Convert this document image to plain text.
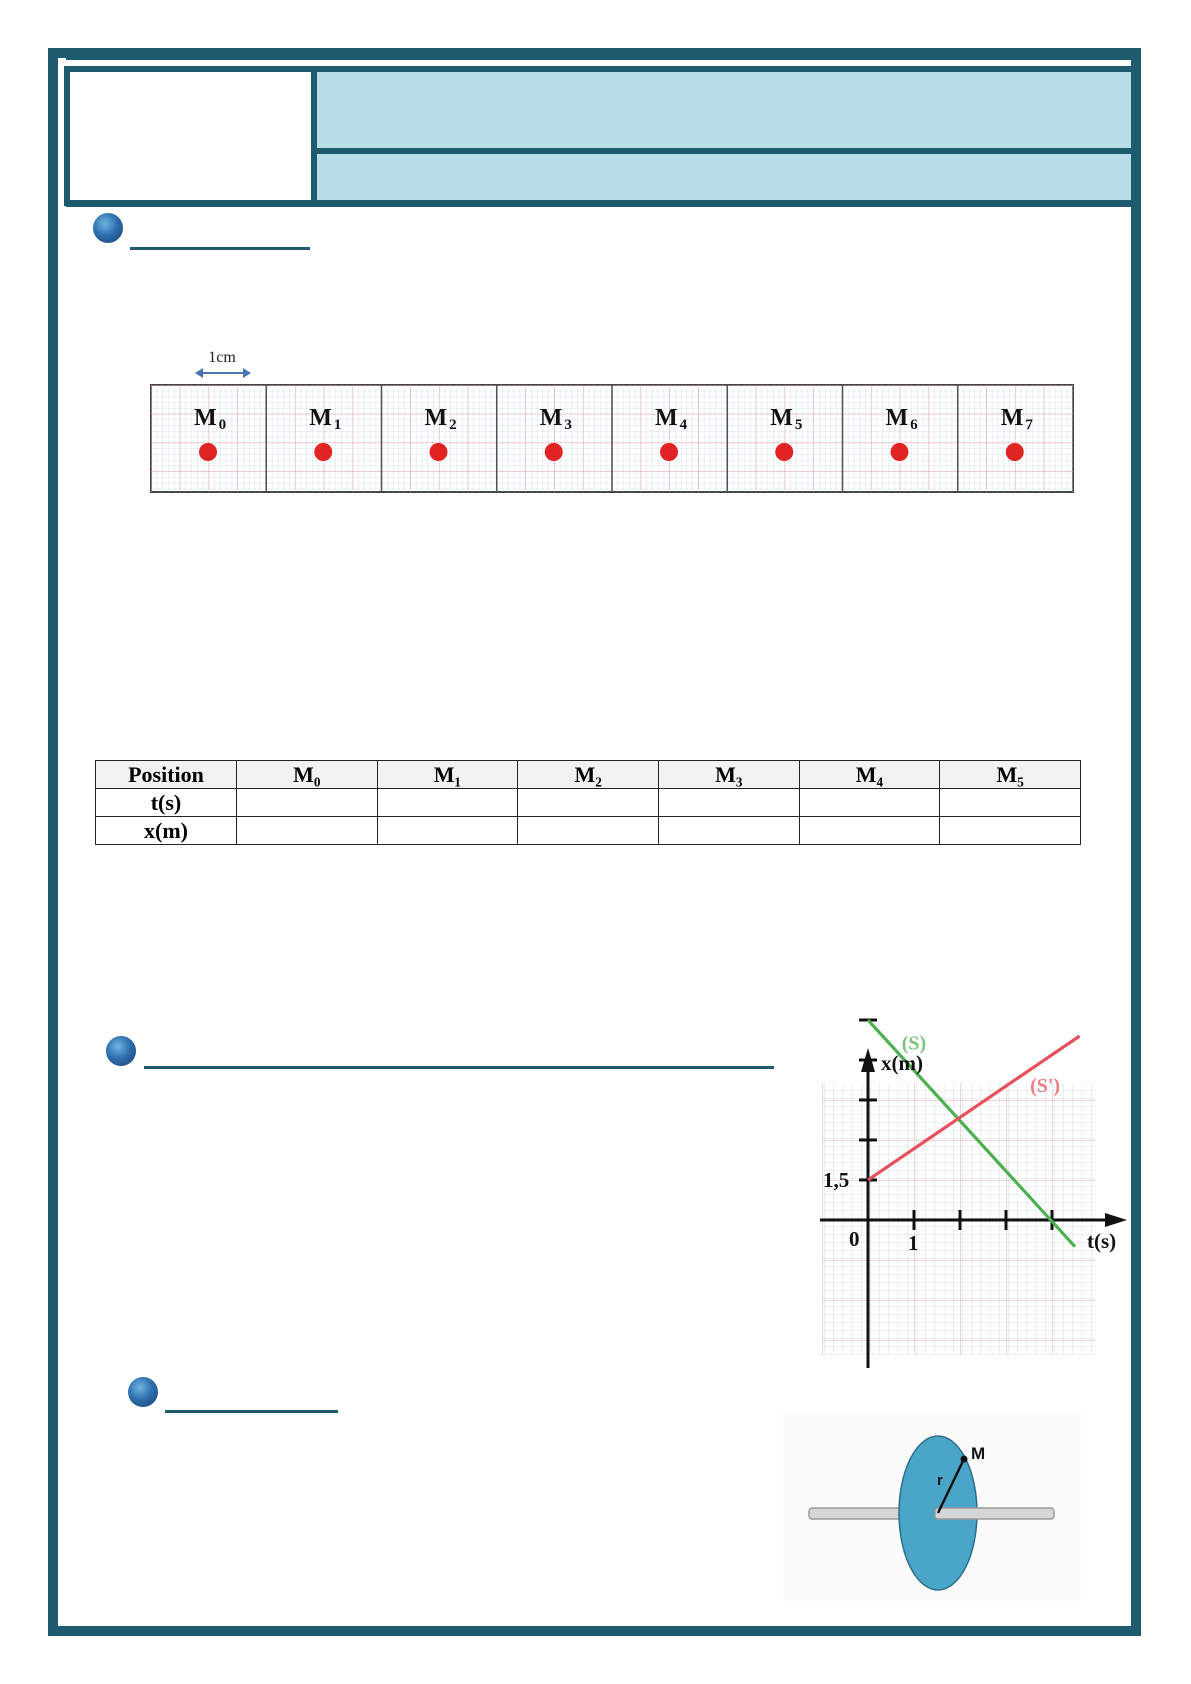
1cm
M 0	M 1	M 2	M 3	M 4	M 5	M 6	M 7
Position	M₀	M₁	M₂	M₃	M₄	M₅
t(s)						
x(m)						
(S)
(S')
x(m)
t(s)
0 1
1,5
M
r
